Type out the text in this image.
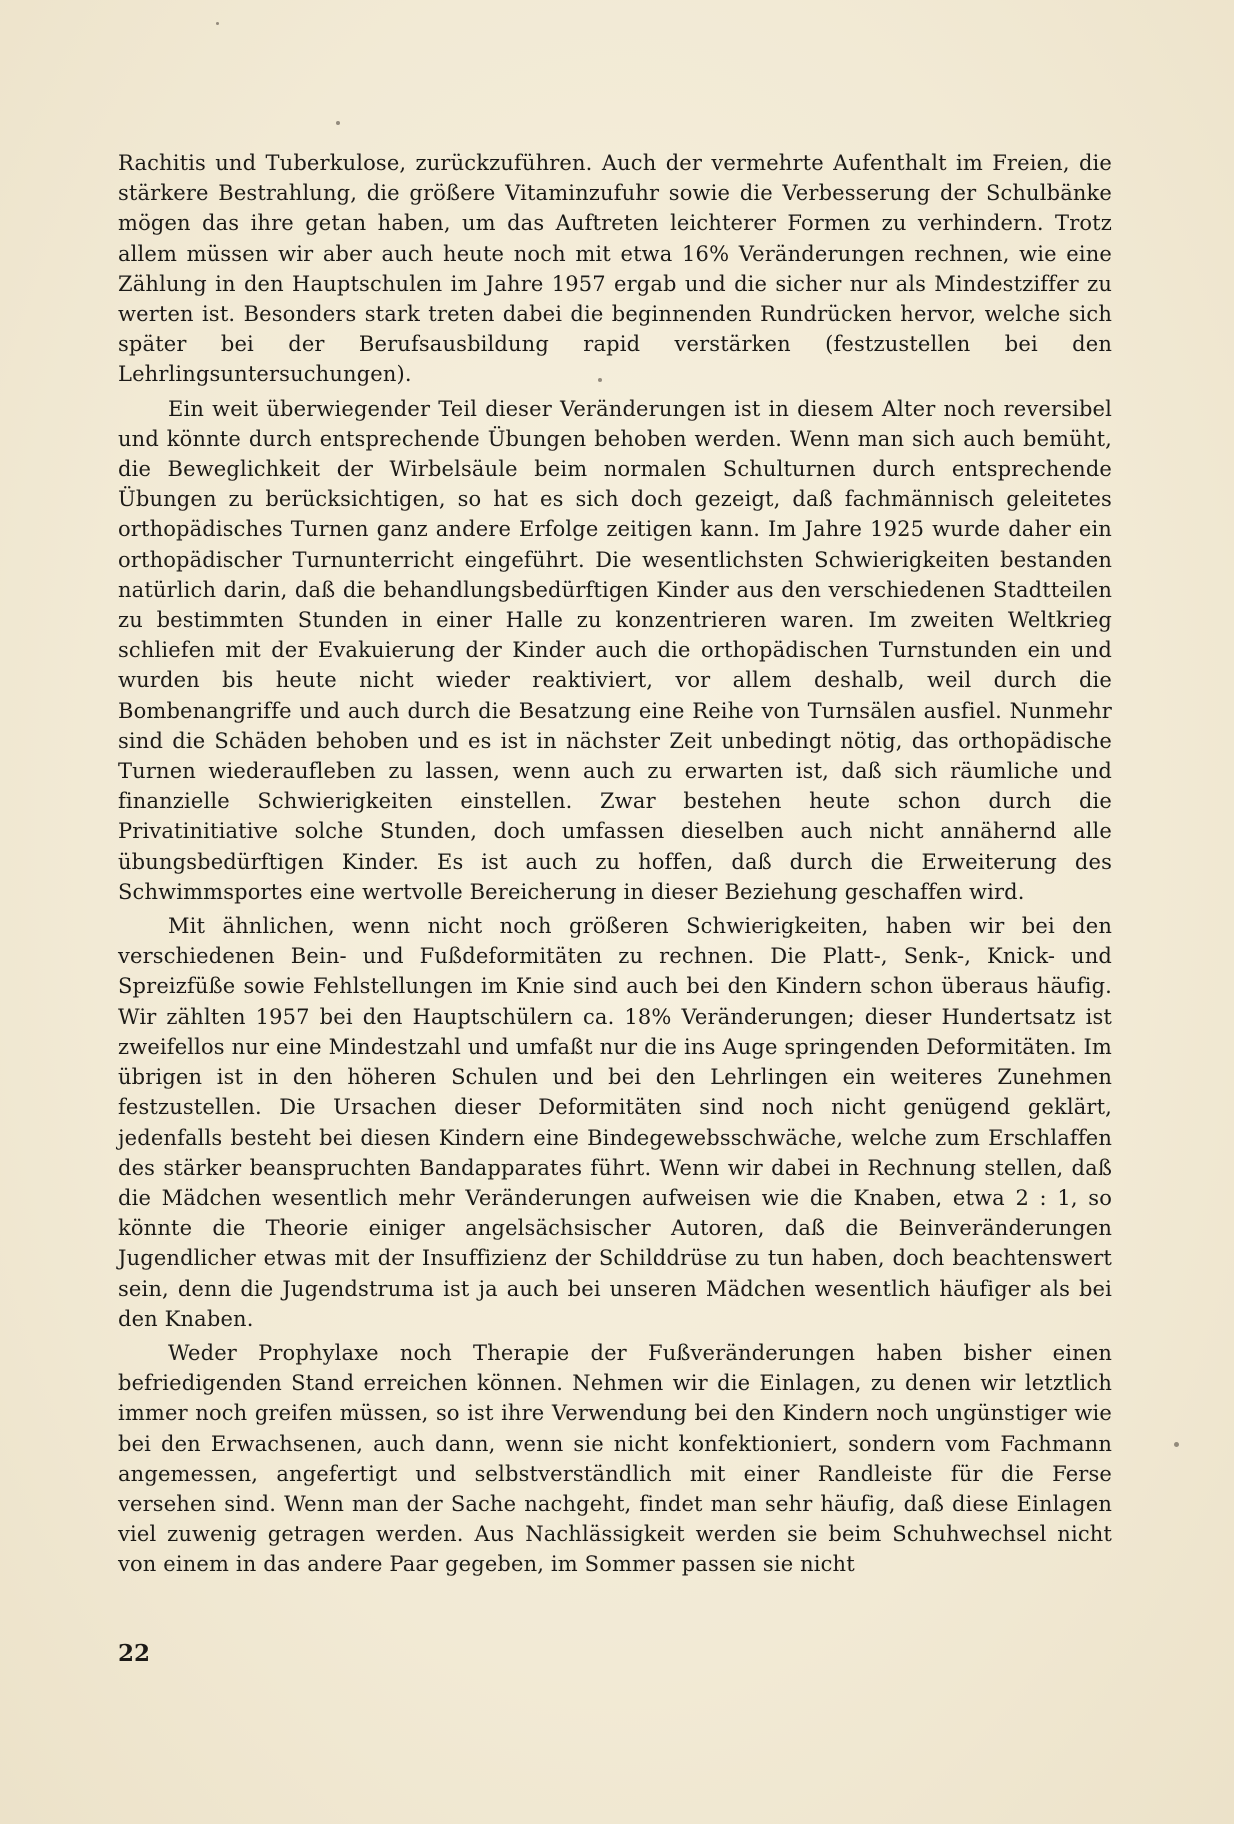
Rachitis und Tuberkulose, zurückzuführen. Auch der vermehrte Aufenthalt im Freien, die stärkere Bestrahlung, die größere Vitaminzufuhr sowie die Verbesserung der Schulbänke mögen das ihre getan haben, um das Auftreten leichterer Formen zu verhindern. Trotz allem müssen wir aber auch heute noch mit etwa 16% Veränderungen rechnen, wie eine Zählung in den Hauptschulen im Jahre 1957 ergab und die sicher nur als Mindestziffer zu werten ist. Besonders stark treten dabei die beginnenden Rundrücken hervor, welche sich später bei der Berufsausbildung rapid verstärken (festzustellen bei den Lehrlingsuntersuchungen).

Ein weit überwiegender Teil dieser Veränderungen ist in diesem Alter noch reversibel und könnte durch entsprechende Übungen behoben werden. Wenn man sich auch bemüht, die Beweglichkeit der Wirbelsäule beim normalen Schulturnen durch entsprechende Übungen zu berücksichtigen, so hat es sich doch gezeigt, daß fachmännisch geleitetes orthopädisches Turnen ganz andere Erfolge zeitigen kann. Im Jahre 1925 wurde daher ein orthopädischer Turnunterricht eingeführt. Die wesentlichsten Schwierigkeiten bestanden natürlich darin, daß die behandlungsbedürftigen Kinder aus den verschiedenen Stadtteilen zu bestimmten Stunden in einer Halle zu konzentrieren waren. Im zweiten Weltkrieg schliefen mit der Evakuierung der Kinder auch die orthopädischen Turnstunden ein und wurden bis heute nicht wieder reaktiviert, vor allem deshalb, weil durch die Bombenangriffe und auch durch die Besatzung eine Reihe von Turnsälen ausfiel. Nunmehr sind die Schäden behoben und es ist in nächster Zeit unbedingt nötig, das orthopädische Turnen wiederaufleben zu lassen, wenn auch zu erwarten ist, daß sich räumliche und finanzielle Schwierigkeiten einstellen. Zwar bestehen heute schon durch die Privatinitiative solche Stunden, doch umfassen dieselben auch nicht annähernd alle übungsbedürftigen Kinder. Es ist auch zu hoffen, daß durch die Erweiterung des Schwimmsportes eine wertvolle Bereicherung in dieser Beziehung geschaffen wird.

Mit ähnlichen, wenn nicht noch größeren Schwierigkeiten, haben wir bei den verschiedenen Bein- und Fußdeformitäten zu rechnen. Die Platt-, Senk-, Knick- und Spreizfüße sowie Fehlstellungen im Knie sind auch bei den Kindern schon überaus häufig. Wir zählten 1957 bei den Hauptschülern ca. 18% Veränderungen; dieser Hundertsatz ist zweifellos nur eine Mindestzahl und umfaßt nur die ins Auge springenden Deformitäten. Im übrigen ist in den höheren Schulen und bei den Lehrlingen ein weiteres Zunehmen festzustellen. Die Ursachen dieser Deformitäten sind noch nicht genügend geklärt, jedenfalls besteht bei diesen Kindern eine Bindegewebsschwäche, welche zum Erschlaffen des stärker beanspruchten Bandapparates führt. Wenn wir dabei in Rechnung stellen, daß die Mädchen wesentlich mehr Veränderungen aufweisen wie die Knaben, etwa 2 : 1, so könnte die Theorie einiger angelsächsischer Autoren, daß die Beinveränderungen Jugendlicher etwas mit der Insuffizienz der Schilddrüse zu tun haben, doch beachtenswert sein, denn die Jugendstruma ist ja auch bei unseren Mädchen wesentlich häufiger als bei den Knaben.

Weder Prophylaxe noch Therapie der Fußveränderungen haben bisher einen befriedigenden Stand erreichen können. Nehmen wir die Einlagen, zu denen wir letztlich immer noch greifen müssen, so ist ihre Verwendung bei den Kindern noch ungünstiger wie bei den Erwachsenen, auch dann, wenn sie nicht konfektioniert, sondern vom Fachmann angemessen, angefertigt und selbstverständlich mit einer Randleiste für die Ferse versehen sind. Wenn man der Sache nachgeht, findet man sehr häufig, daß diese Einlagen viel zuwenig getragen werden. Aus Nachlässigkeit werden sie beim Schuhwechsel nicht von einem in das andere Paar gegeben, im Sommer passen sie nicht

22
